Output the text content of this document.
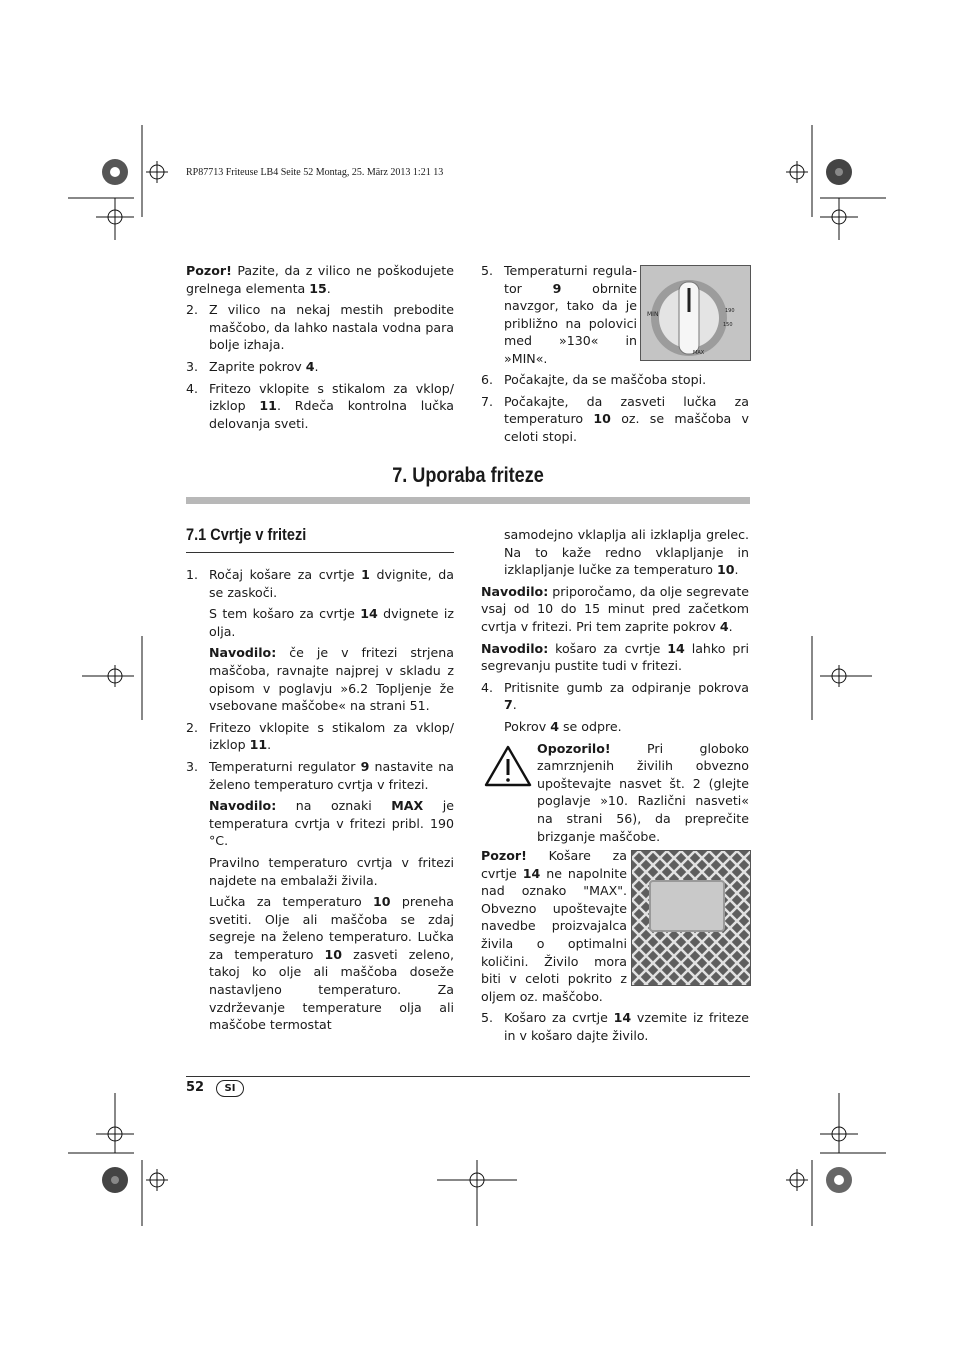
RP87713 Friteuse LB4 Seite 52 Montag, 25. März 2013 1:21 13

Pozor! Pazite, da z vilico ne poškodujete grelnega elementa 15.

2. Z vilico na nekaj mestih prebodite maščobo, da lahko nastala vodna para bolje izhaja.
3. Zaprite pokrov 4.
4. Fritezo vklopite s stikalom za vklop/ izklop 11. Rdeča kontrolna lučka delovanja sveti.
5. Temperaturni regula-tor 9 obrnite navzgor, tako da je približno na polovici med »130« in »MIN«.
MIN
150
190
MAX
6. Počakajte, da se maščoba stopi.
7. Počakajte, da zasveti lučka za temperaturo 10 oz. se maščoba v celoti stopi.
7. Uporaba friteze
7.1 Cvrtje v fritezi
1. Ročaj košare za cvrtje 1 dvignite, da se zaskoči.
S tem košaro za cvrtje 14 dvignete iz olja.
Navodilo: če je v fritezi strjena maščoba, ravnajte najprej v skladu z opisom v poglavju »6.2 Topljenje že vsebovane maščobe« na strani 51.
2. Fritezo vklopite s stikalom za vklop/ izklop 11.
3. Temperaturni regulator 9 nastavite na želeno temperaturo cvrtja v fritezi.
Navodilo: na oznaki MAX je temperatura cvrtja v fritezi pribl. 190 °C.
Pravilno temperaturo cvrtja v fritezi najdete na embalaži živila.
Lučka za temperaturo 10 preneha svetiti. Olje ali maščoba se zdaj segreje na želeno temperaturo. Lučka za temperaturo 10 zasveti zeleno, takoj ko olje ali maščoba doseže nastavljeno temperaturo. Za vzdrževanje temperature olja ali maščobe termostat
samodejno vklaplja ali izklaplja grelec. Na to kaže redno vklapljanje in izklapljanje lučke za temperaturo 10.

Navodilo: priporočamo, da olje segrevate vsaj od 10 do 15 minut pred začetkom cvrtja v fritezi. Pri tem zaprite pokrov 4.

Navodilo: košaro za cvrtje 14 lahko pri segrevanju pustite tudi v fritezi.

4. Pritisnite gumb za odpiranje pokrova 7.
Pokrov 4 se odpre.
Opozorilo! Pri globoko zamrznjenih živilih obvezno upoštevajte nasvet št. 2 (glejte poglavje »10. Različni nasveti« na strani 56), da preprečite brizganje maščobe.
Pozor! Košare za cvrtje 14 ne napolnite nad oznako "MAX". Obvezno upoštevajte navedbe proizvajalca živila o optimalni količini. Živilo mora biti v celoti pokrito z oljem oz. maščobo.
5. Košaro za cvrtje 14 vzemite iz friteze in v košaro dajte živilo.
52	SI
